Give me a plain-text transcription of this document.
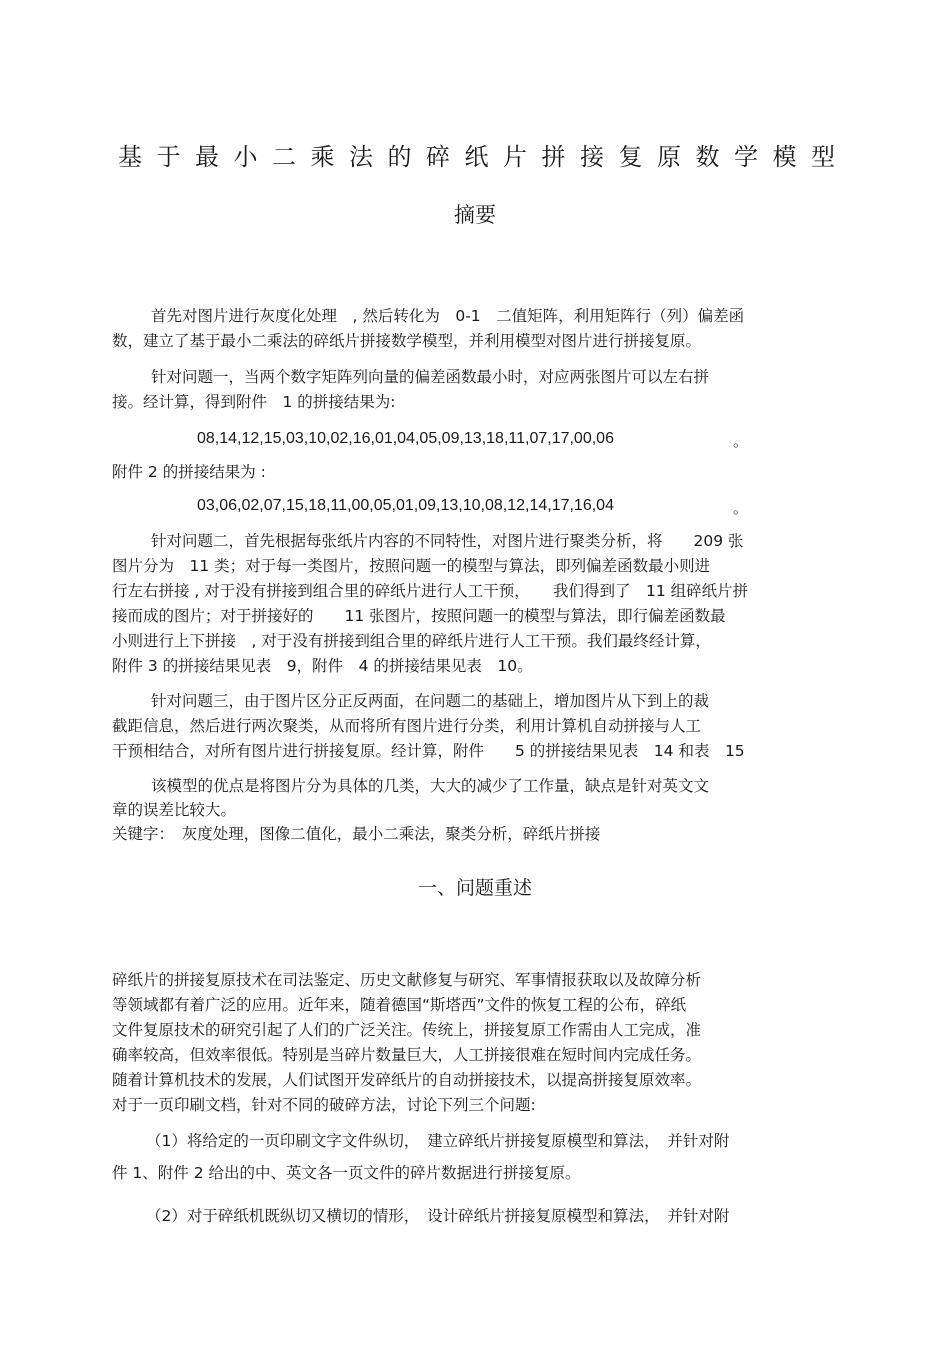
基于最小二乘法的碎纸片拼接复原数学模型
摘要
首先对图片进行灰度化处理　, 然后转化为　0-1　二值矩阵，利用矩阵行（列）偏差函
数，建立了基于最小二乘法的碎纸片拼接数学模型，并利用模型对图片进行拼接复原。
针对问题一，当两个数字矩阵列向量的偏差函数最小时，对应两张图片可以左右拼
接。经计算，得到附件　1 的拼接结果为:
08,14,12,15,03,10,02,16,01,04,05,09,13,18,11,07,17,00,06	。
附件 2 的拼接结果为 :
03,06,02,07,15,18,11,00,05,01,09,13,10,08,12,14,17,16,04	。
针对问题二，首先根据每张纸片内容的不同特性，对图片进行聚类分析，将　　209 张
图片分为　11 类；对于每一类图片，按照问题一的模型与算法，即列偏差函数最小则进
行左右拼接 , 对于没有拼接到组合里的碎纸片进行人工干预，　　我们得到了　11 组碎纸片拼
接而成的图片；对于拼接好的　　11 张图片，按照问题一的模型与算法，即行偏差函数最
小则进行上下拼接　, 对于没有拼接到组合里的碎纸片进行人工干预。我们最终经计算，
附件 3 的拼接结果见表　9，附件　4 的拼接结果见表　10。
针对问题三，由于图片区分正反两面，在问题二的基础上，增加图片从下到上的裁
截距信息，然后进行两次聚类，从而将所有图片进行分类，利用计算机自动拼接与人工
干预相结合，对所有图片进行拼接复原。经计算，附件　　5 的拼接结果见表　14 和表　15
该模型的优点是将图片分为具体的几类，大大的减少了工作量，缺点是针对英文文
章的误差比较大。
关键字：　灰度处理，图像二值化，最小二乘法，聚类分析，碎纸片拼接
一、问题重述
碎纸片的拼接复原技术在司法鉴定、历史文献修复与研究、军事情报获取以及故障分析
等领域都有着广泛的应用。近年来，随着德国“斯塔西”文件的恢复工程的公布，碎纸
文件复原技术的研究引起了人们的广泛关注。传统上，拼接复原工作需由人工完成，准
确率较高，但效率很低。特别是当碎片数量巨大，人工拼接很难在短时间内完成任务。
随着计算机技术的发展，人们试图开发碎纸片的自动拼接技术，以提高拼接复原效率。
对于一页印刷文档，针对不同的破碎方法，讨论下列三个问题:
（1）将给定的一页印刷文字文件纵切，　建立碎纸片拼接复原模型和算法，　并针对附
件 1、附件 2 给出的中、英文各一页文件的碎片数据进行拼接复原。
（2）对于碎纸机既纵切又横切的情形，　设计碎纸片拼接复原模型和算法，　并针对附
